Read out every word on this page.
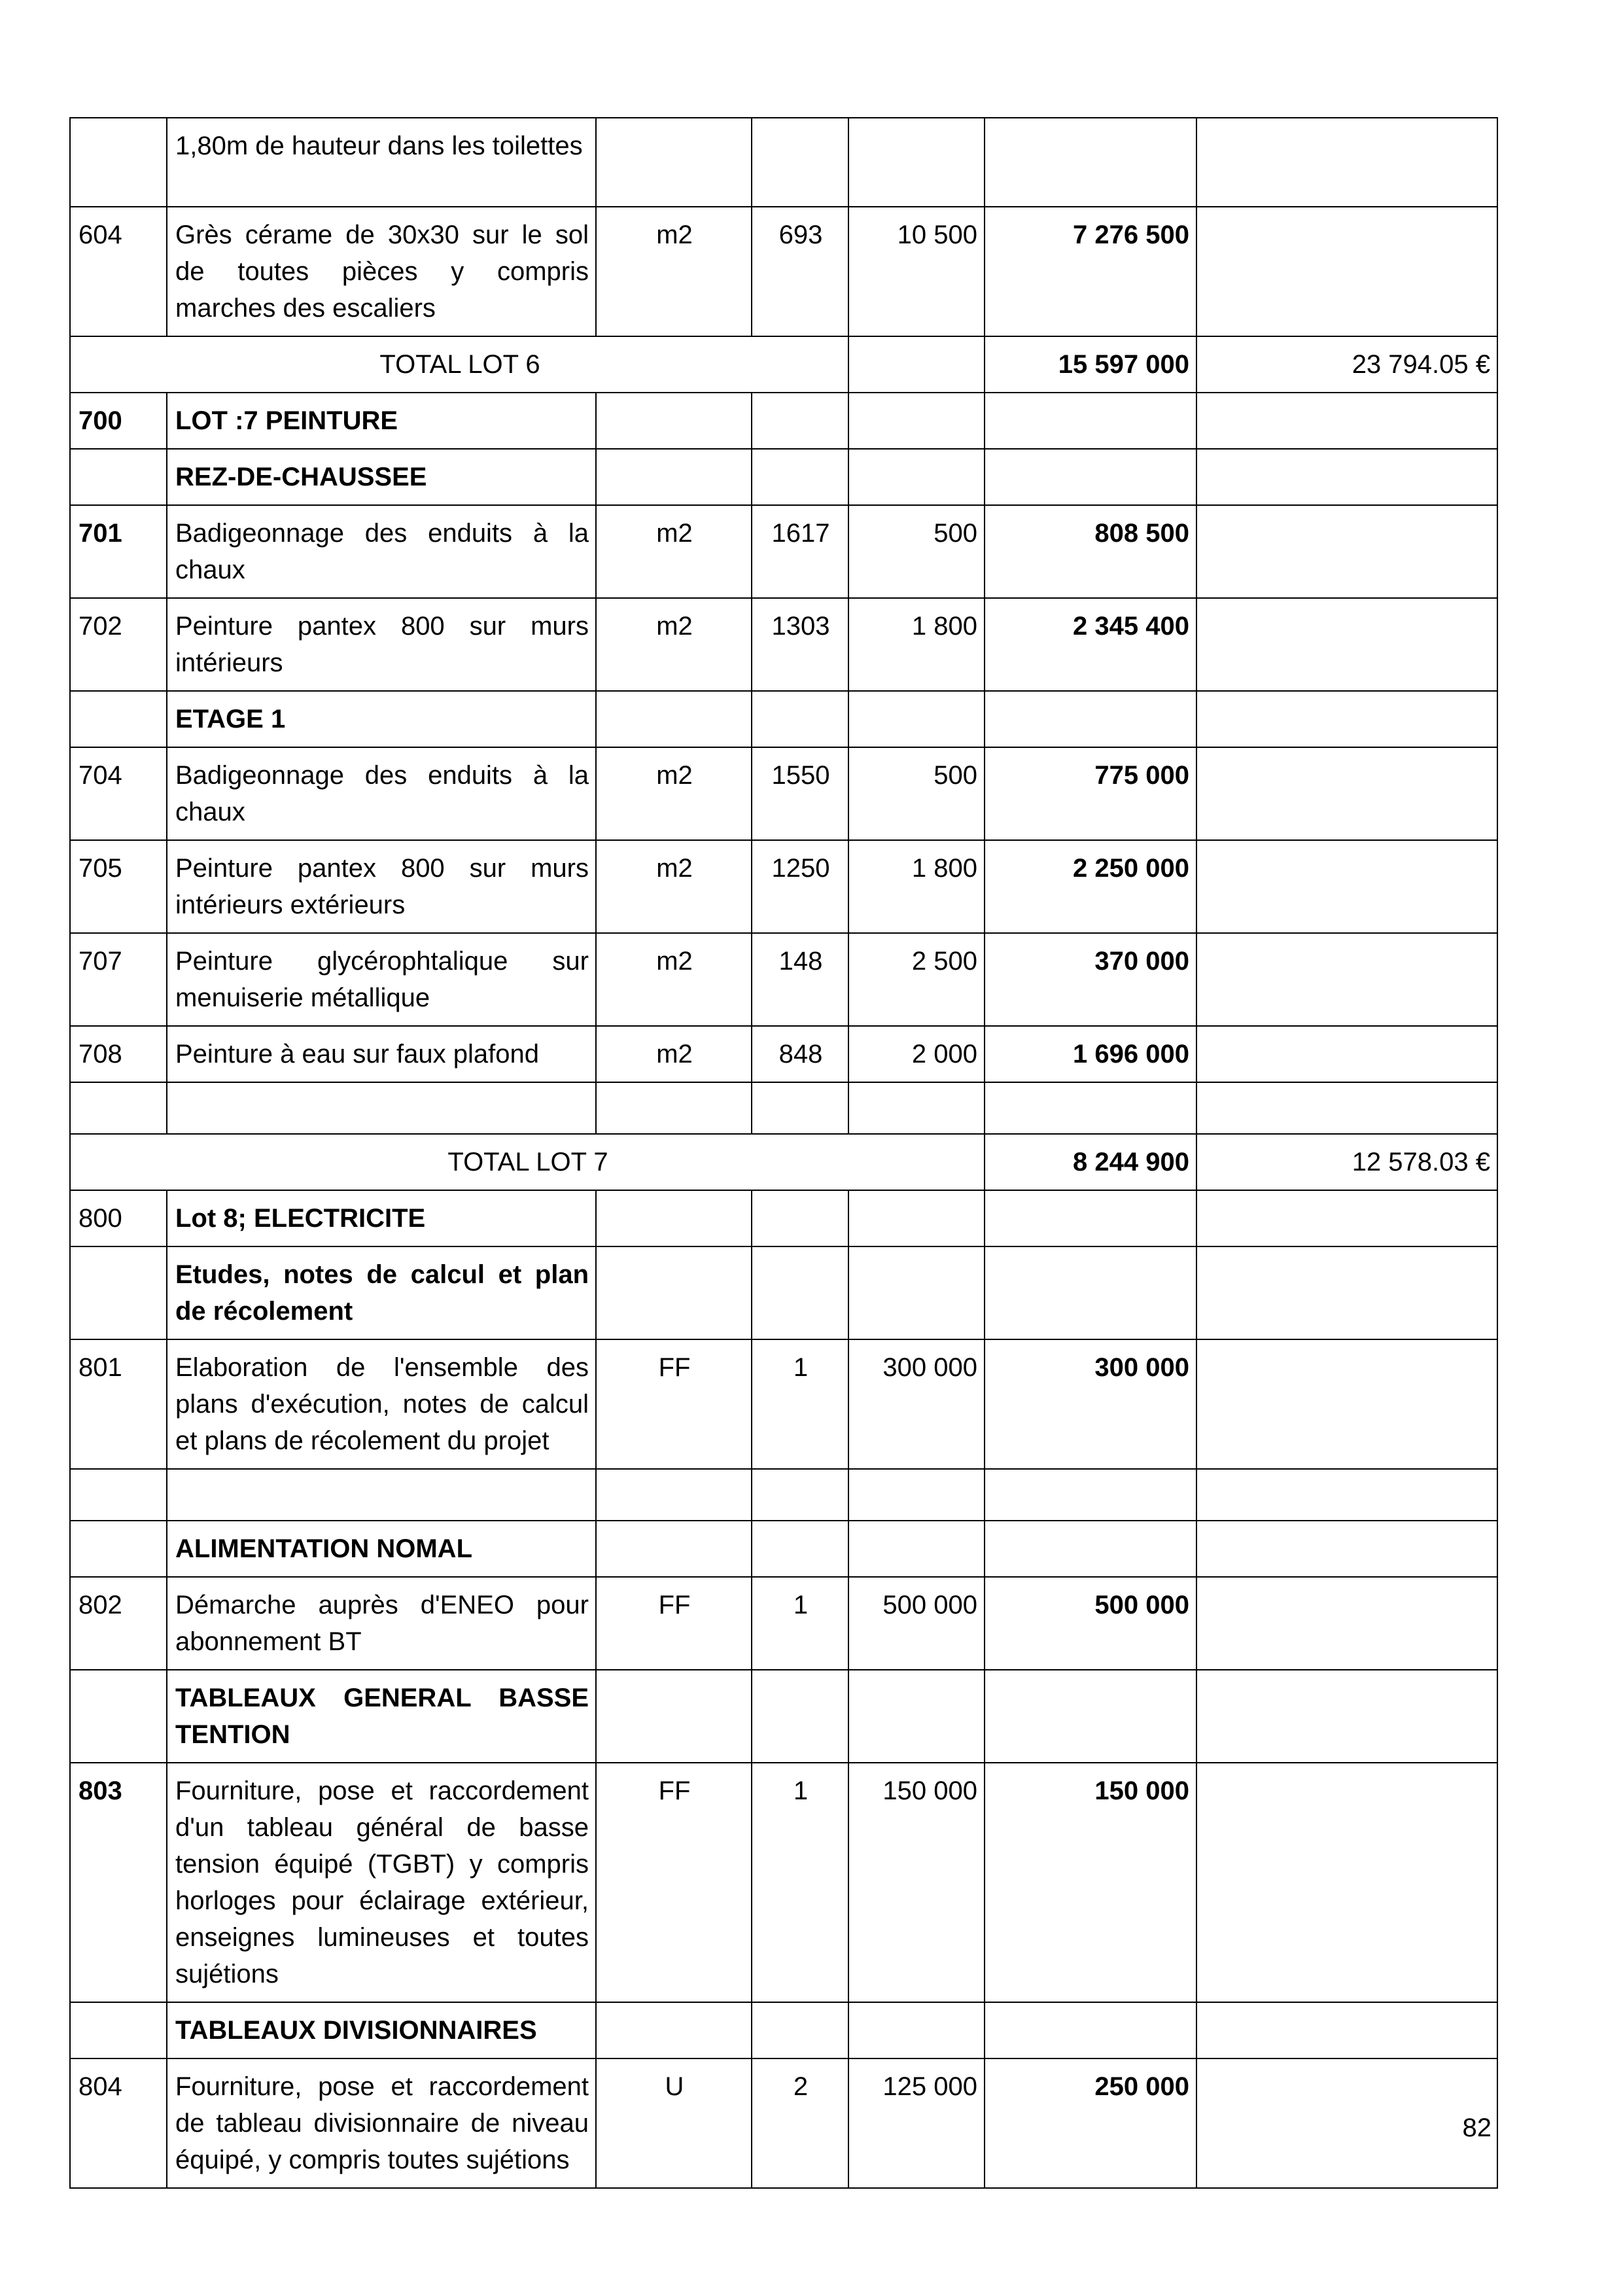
	1,80m de hauteur dans les toilettes					
604	Grès cérame de 30x30 sur le sol de toutes pièces y compris marches des escaliers	m2	693	10 500	7 276 500	
TOTAL LOT 6					15 597 000	23 794.05 €
700	LOT :7 PEINTURE					
	REZ-DE-CHAUSSEE					
701	Badigeonnage des enduits à la chaux	m2	1617	500	808 500	
702	Peinture pantex 800 sur murs intérieurs	m2	1303	1 800	2 345 400	
	ETAGE 1					
704	Badigeonnage des enduits à la chaux	m2	1550	500	775 000	
705	Peinture pantex 800 sur murs intérieurs extérieurs	m2	1250	1 800	2 250 000	
707	Peinture glycérophtalique sur menuiserie métallique	m2	148	2 500	370 000	
708	Peinture à eau sur faux plafond	m2	848	2 000	1 696 000	

TOTAL LOT 7					8 244 900	12 578.03 €
800	Lot 8; ELECTRICITE					
	Etudes, notes de calcul et plan de récolement					
801	Elaboration de l'ensemble des plans d'exécution, notes de calcul et plans de récolement du projet	FF	1	300 000	300 000	

	ALIMENTATION NOMAL					
802	Démarche auprès d'ENEO pour abonnement BT	FF	1	500 000	500 000	
	TABLEAUX GENERAL BASSE TENTION					
803	Fourniture, pose et raccordement d'un tableau général de basse tension équipé (TGBT) y compris horloges pour éclairage extérieur, enseignes lumineuses et toutes sujétions	FF	1	150 000	150 000	
	TABLEAUX DIVISIONNAIRES					
804	Fourniture, pose et raccordement de tableau divisionnaire de niveau équipé, y compris toutes sujétions	U	2	125 000	250 000	
82
